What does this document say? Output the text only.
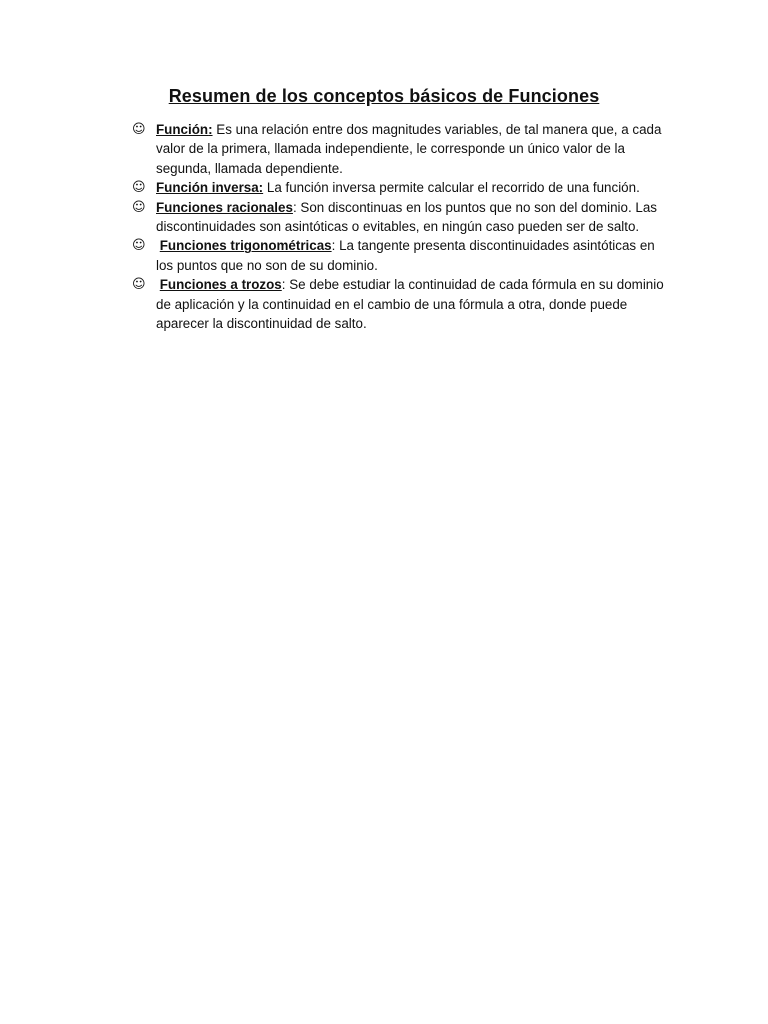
Resumen de los conceptos básicos de Funciones
☺ Función: Es una relación entre dos magnitudes variables, de tal manera que, a cada valor de la primera, llamada independiente, le corresponde un único valor de la segunda, llamada dependiente.
☺ Función inversa: La función inversa permite calcular el recorrido de una función.
☺ Funciones racionales: Son discontinuas en los puntos que no son del dominio. Las discontinuidades son asintóticas o evitables, en ningún caso pueden ser de salto.
☺ Funciones trigonométricas: La tangente presenta discontinuidades asintóticas en los puntos que no son de su dominio.
☺ Funciones a trozos: Se debe estudiar la continuidad de cada fórmula en su dominio de aplicación y la continuidad en el cambio de una fórmula a otra, donde puede aparecer la discontinuidad de salto.
